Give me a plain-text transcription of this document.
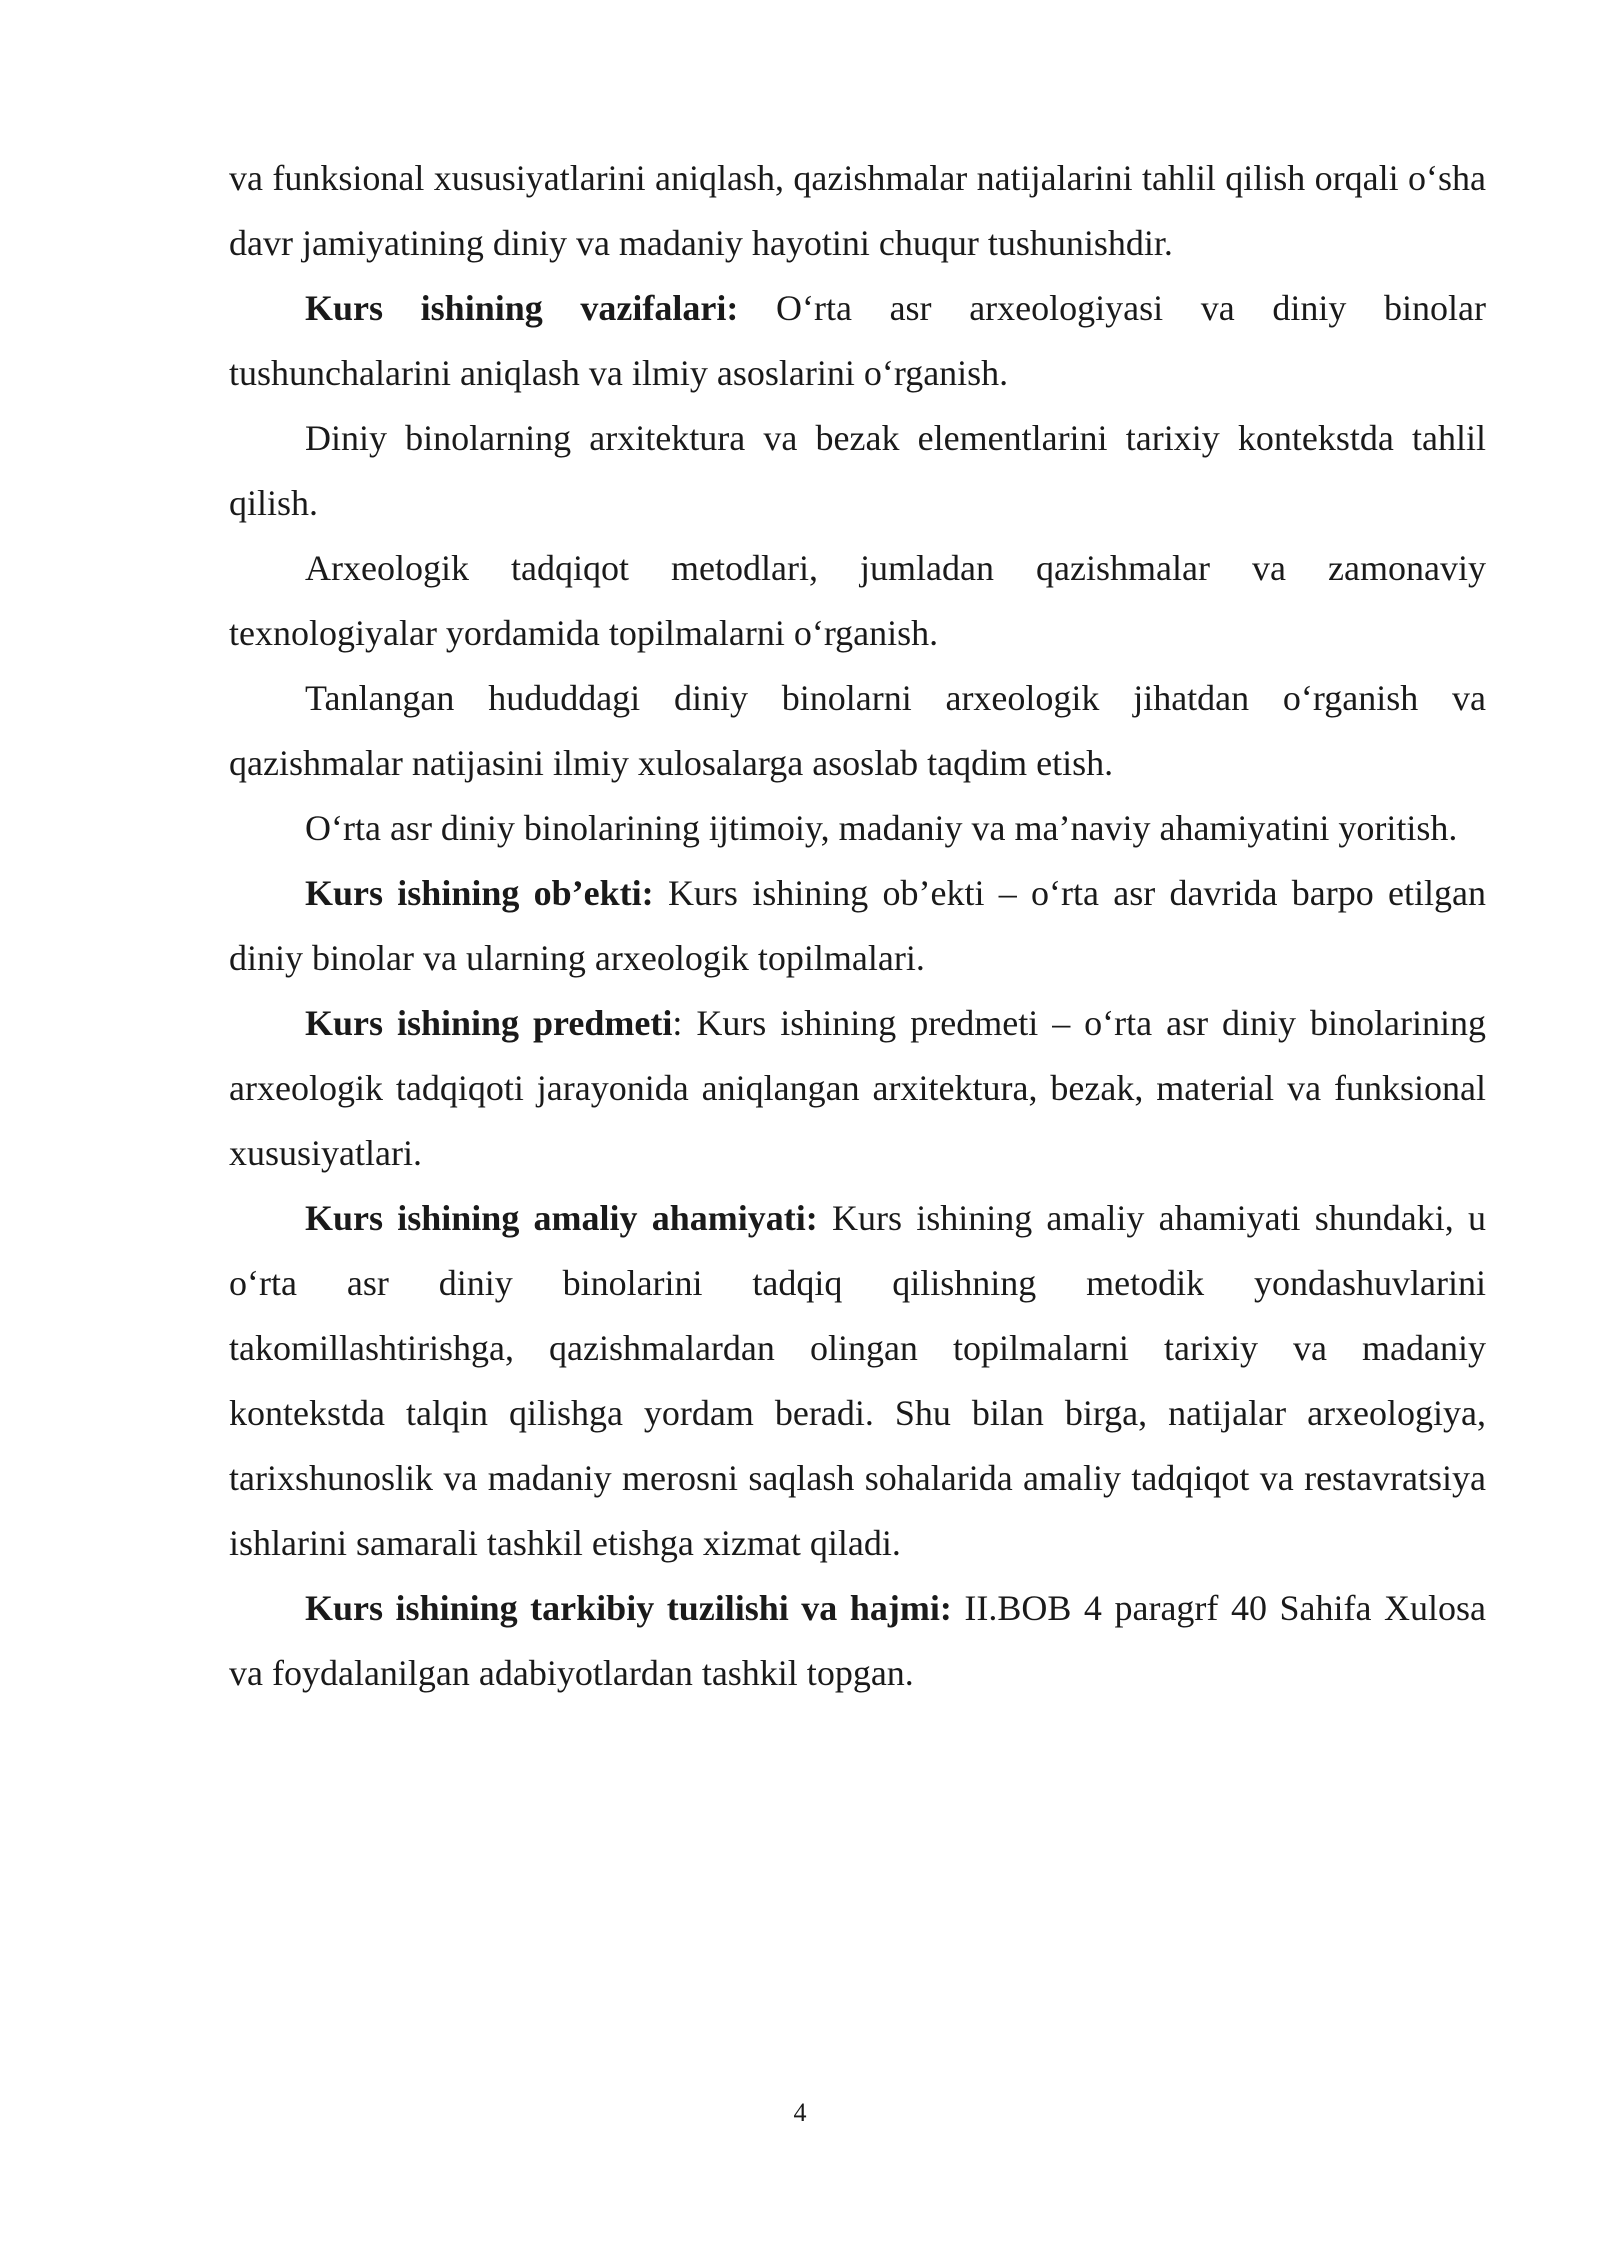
va funksional xususiyatlarini aniqlash, qazishmalar natijalarini tahlil qilish orqali o‘sha davr jamiyatining diniy va madaniy hayotini chuqur tushunishdir.

Kurs ishining vazifalari: O‘rta asr arxeologiyasi va diniy binolar tushunchalarini aniqlash va ilmiy asoslarini o‘rganish.

Diniy binolarning arxitektura va bezak elementlarini tarixiy kontekstda tahlil qilish.

Arxeologik tadqiqot metodlari, jumladan qazishmalar va zamonaviy texnologiyalar yordamida topilmalarni o‘rganish.

Tanlangan hududdagi diniy binolarni arxeologik jihatdan o‘rganish va qazishmalar natijasini ilmiy xulosalarga asoslab taqdim etish.

O‘rta asr diniy binolarining ijtimoiy, madaniy va ma’naviy ahamiyatini yoritish.

Kurs ishining ob’ekti: Kurs ishining ob’ekti – o‘rta asr davrida barpo etilgan diniy binolar va ularning arxeologik topilmalari.

Kurs ishining predmeti: Kurs ishining predmeti – o‘rta asr diniy binolarining arxeologik tadqiqoti jarayonida aniqlangan arxitektura, bezak, material va funksional xususiyatlari.

Kurs ishining amaliy ahamiyati: Kurs ishining amaliy ahamiyati shundaki, u o‘rta asr diniy binolarini tadqiq qilishning metodik yondashuvlarini takomillashtirishga, qazishmalardan olingan topilmalarni tarixiy va madaniy kontekstda talqin qilishga yordam beradi. Shu bilan birga, natijalar arxeologiya, tarixshunoslik va madaniy merosni saqlash sohalarida amaliy tadqiqot va restavratsiya ishlarini samarali tashkil etishga xizmat qiladi.

Kurs ishining tarkibiy tuzilishi va hajmi: II.BOB 4 paragrf 40 Sahifa Xulosa va foydalanilgan adabiyotlardan tashkil topgan.

4
